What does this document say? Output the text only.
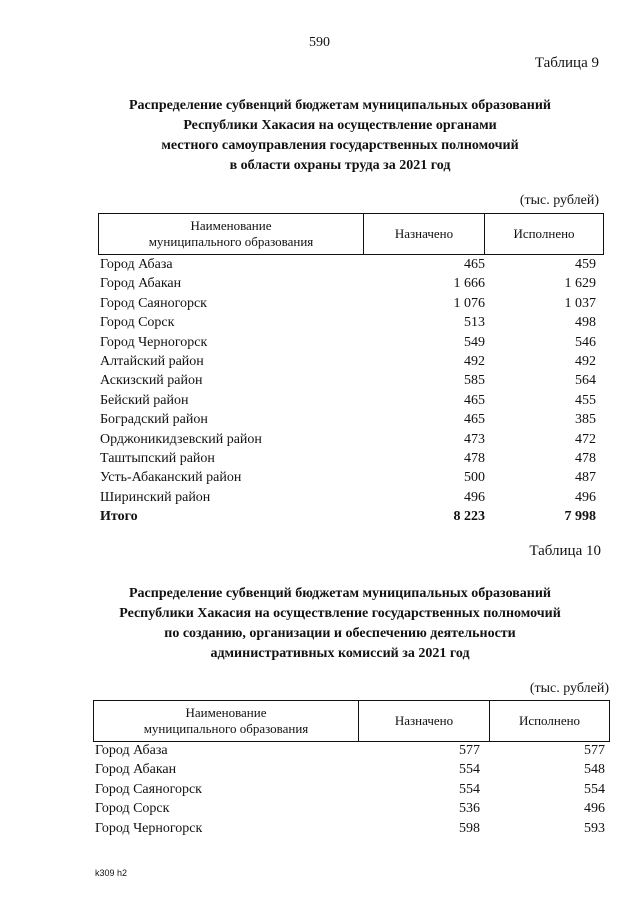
590
Таблица 9
Распределение субвенций бюджетам муниципальных образований
Республики Хакасия на осуществление органами
местного самоуправления государственных полномочий
в области охраны труда за 2021 год
(тыс. рублей)
Наименование
муниципального образования
Назначено	Исполнено
Город Абаза	465	459
Город Абакан	1 666	1 629
Город Саяногорск	1 076	1 037
Город Сорск	513	498
Город Черногорск	549	546
Алтайский район	492	492
Аскизский район	585	564
Бейский район	465	455
Боградский район	465	385
Орджоникидзевский район	473	472
Таштыпский район	478	478
Усть-Абаканский район	500	487
Ширинский район	496	496
Итого	8 223	7 998
Таблица 10
Распределение субвенций бюджетам муниципальных образований
Республики Хакасия на осуществление государственных полномочий
по созданию, организации и обеспечению деятельности
административных комиссий за 2021 год
(тыс. рублей)
Наименование
муниципального образования
Назначено	Исполнено
Город Абаза	577	577
Город Абакан	554	548
Город Саяногорск	554	554
Город Сорск	536	496
Город Черногорск	598	593
k309 h2
